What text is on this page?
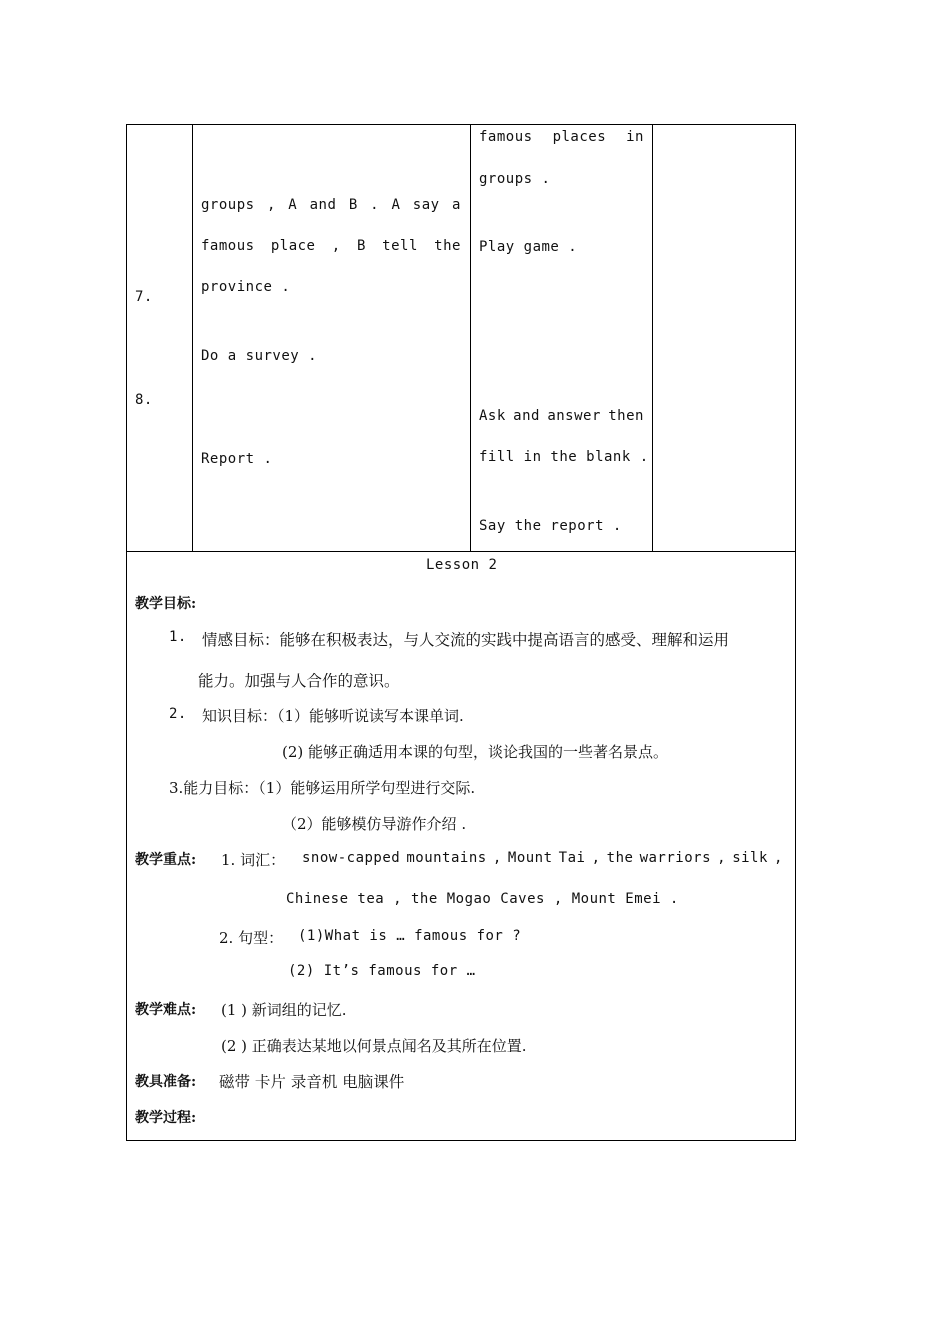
7.
8.
groups , A and B . A say a
famous place , B tell the
province .
Do a survey .
Report .
famous places in
groups .
Play game .
Ask and answer then
fill in the blank .
Say the report .
Lesson 2
教学目标:
1. 情感目标：能够在积极表达，与人交流的实践中提高语言的感受、理解和运用
能力。加强与人合作的意识。
2. 知识目标：（1）能够听说读写本课单词.
(2) 能够正确适用本课的句型，谈论我国的一些著名景点。
3.能力目标：（1）能够运用所学句型进行交际.
（2）能够模仿导游作介绍 .
教学重点: 1. 词汇： snow-capped mountains , Mount Tai , the warriors , silk ,
Chinese tea , the Mogao Caves , Mount Emei .
2. 句型： (1)What is … famous for ?
(2) It’s famous for …
教学难点: (1 ) 新词组的记忆.
(2 ) 正确表达某地以何景点闻名及其所在位置.
教具准备: 磁带 卡片 录音机 电脑课件
教学过程:
